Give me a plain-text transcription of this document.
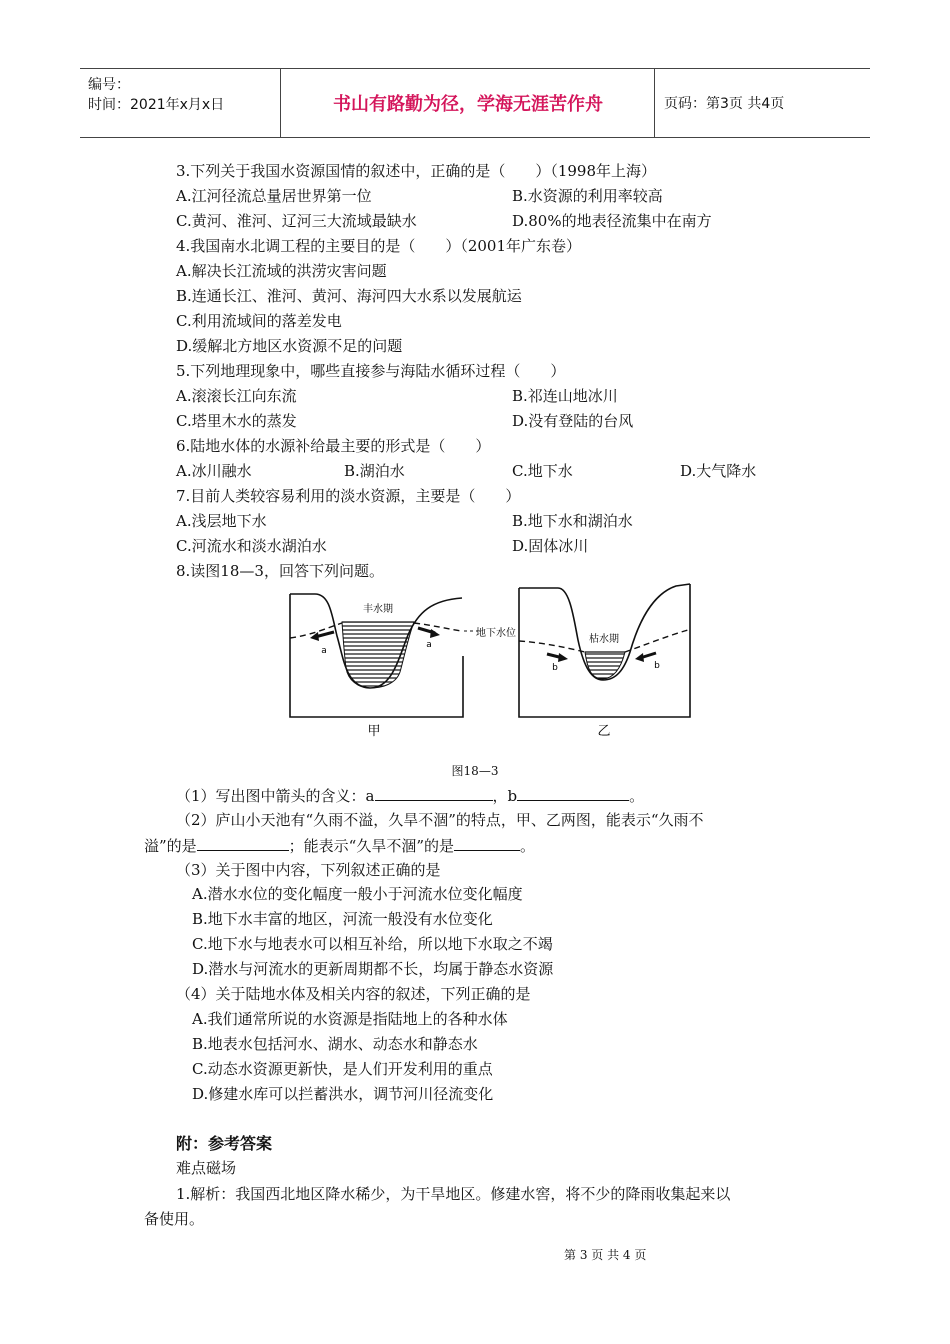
编号：
时间：2021年x月x日	书山有路勤为径，学海无涯苦作舟	页码：第3页 共4页
3.下列关于我国水资源国情的叙述中，正确的是（　　）（1998年上海）
A.江河径流总量居世界第一位	B.水资源的利用率较高
C.黄河、淮河、辽河三大流域最缺水	D.80%的地表径流集中在南方
4.我国南水北调工程的主要目的是（　　）（2001年广东卷）
A.解决长江流域的洪涝灾害问题
B.连通长江、淮河、黄河、海河四大水系以发展航运
C.利用流域间的落差发电
D.缓解北方地区水资源不足的问题
5.下列地理现象中，哪些直接参与海陆水循环过程（　　）
A.滚滚长江向东流	B.祁连山地冰川
C.塔里木水的蒸发	D.没有登陆的台风
6.陆地水体的水源补给最主要的形式是（　　）
A.冰川融水	B.湖泊水	C.地下水	D.大气降水
7.目前人类较容易利用的淡水资源，主要是（　　）
A.浅层地下水	B.地下水和湖泊水
C.河流水和淡水湖泊水	D.固体冰川
8.读图18—3，回答下列问题。
丰水期
a
a
地下水位
枯水期
b	b
甲	乙
图18—3
（1）写出图中箭头的含义：a	，b	。
（2）庐山小天池有“久雨不溢，久旱不涸”的特点，甲、乙两图，能表示“久雨不
溢”的是	；能表示“久旱不涸”的是	。
（3）关于图中内容，下列叙述正确的是
A.潜水水位的变化幅度一般小于河流水位变化幅度
B.地下水丰富的地区，河流一般没有水位变化
C.地下水与地表水可以相互补给，所以地下水取之不竭
D.潜水与河流水的更新周期都不长，均属于静态水资源
（4）关于陆地水体及相关内容的叙述，下列正确的是
A.我们通常所说的水资源是指陆地上的各种水体
B.地表水包括河水、湖水、动态水和静态水
C.动态水资源更新快，是人们开发利用的重点
D.修建水库可以拦蓄洪水，调节河川径流变化
附：参考答案
难点磁场
1.解析：我国西北地区降水稀少，为干旱地区。修建水窖，将不少的降雨收集起来以
备使用。
第 3 页 共 4 页
